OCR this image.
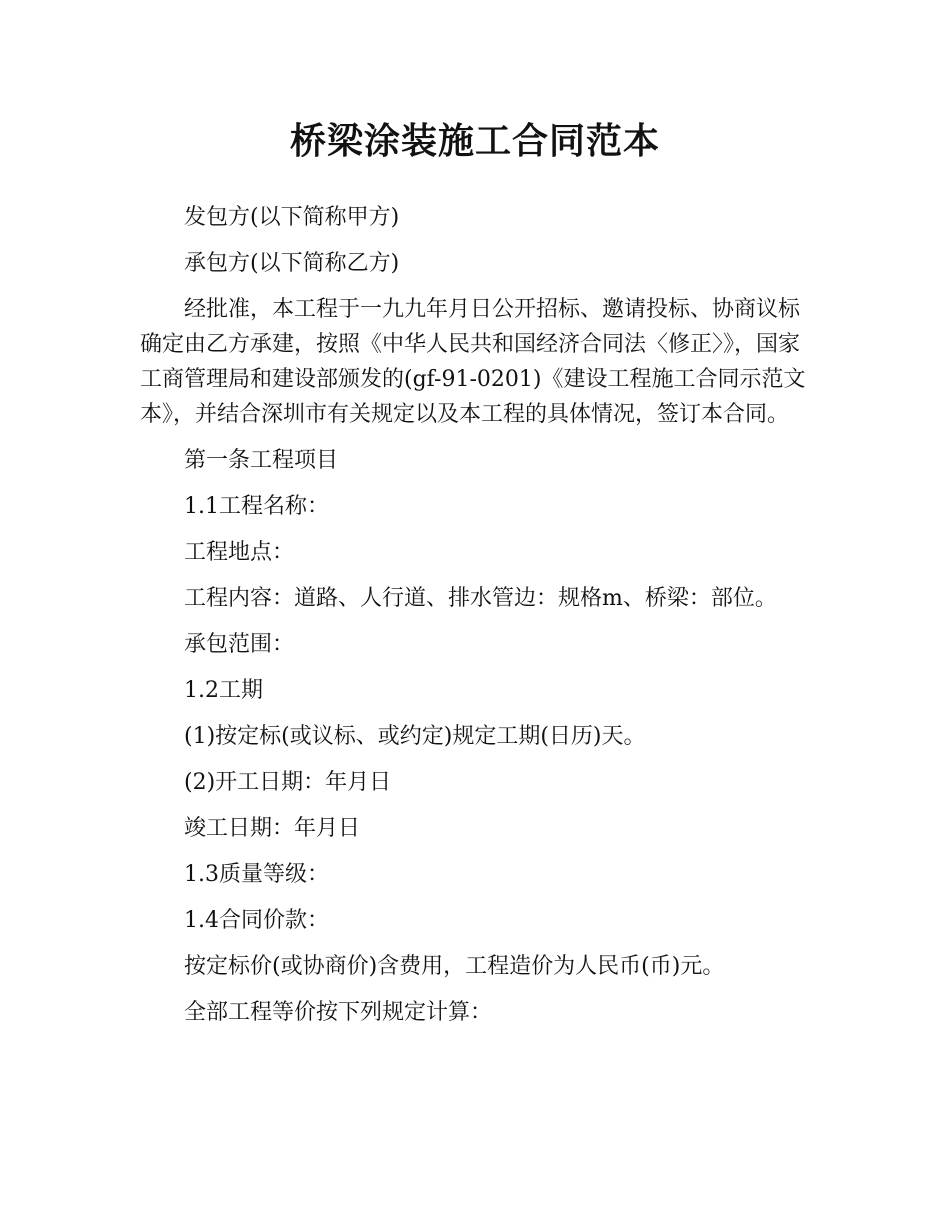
桥梁涂装施工合同范本

发包方(以下简称甲方)

承包方(以下简称乙方)

经批准，本工程于一九九年月日公开招标、邀请投标、协商议标确定由乙方承建，按照《中华人民共和国经济合同法〈修正〉》，国家工商管理局和建设部颁发的(gf-91-0201)《建设工程施工合同示范文本》，并结合深圳市有关规定以及本工程的具体情况，签订本合同。

第一条工程项目

1.1工程名称：

工程地点：

工程内容：道路、人行道、排水管边：规格m、桥梁：部位。

承包范围：

1.2工期

(1)按定标(或议标、或约定)规定工期(日历)天。

(2)开工日期：年月日

竣工日期：年月日

1.3质量等级：

1.4合同价款：

按定标价(或协商价)含费用，工程造价为人民币(币)元。

全部工程等价按下列规定计算：
